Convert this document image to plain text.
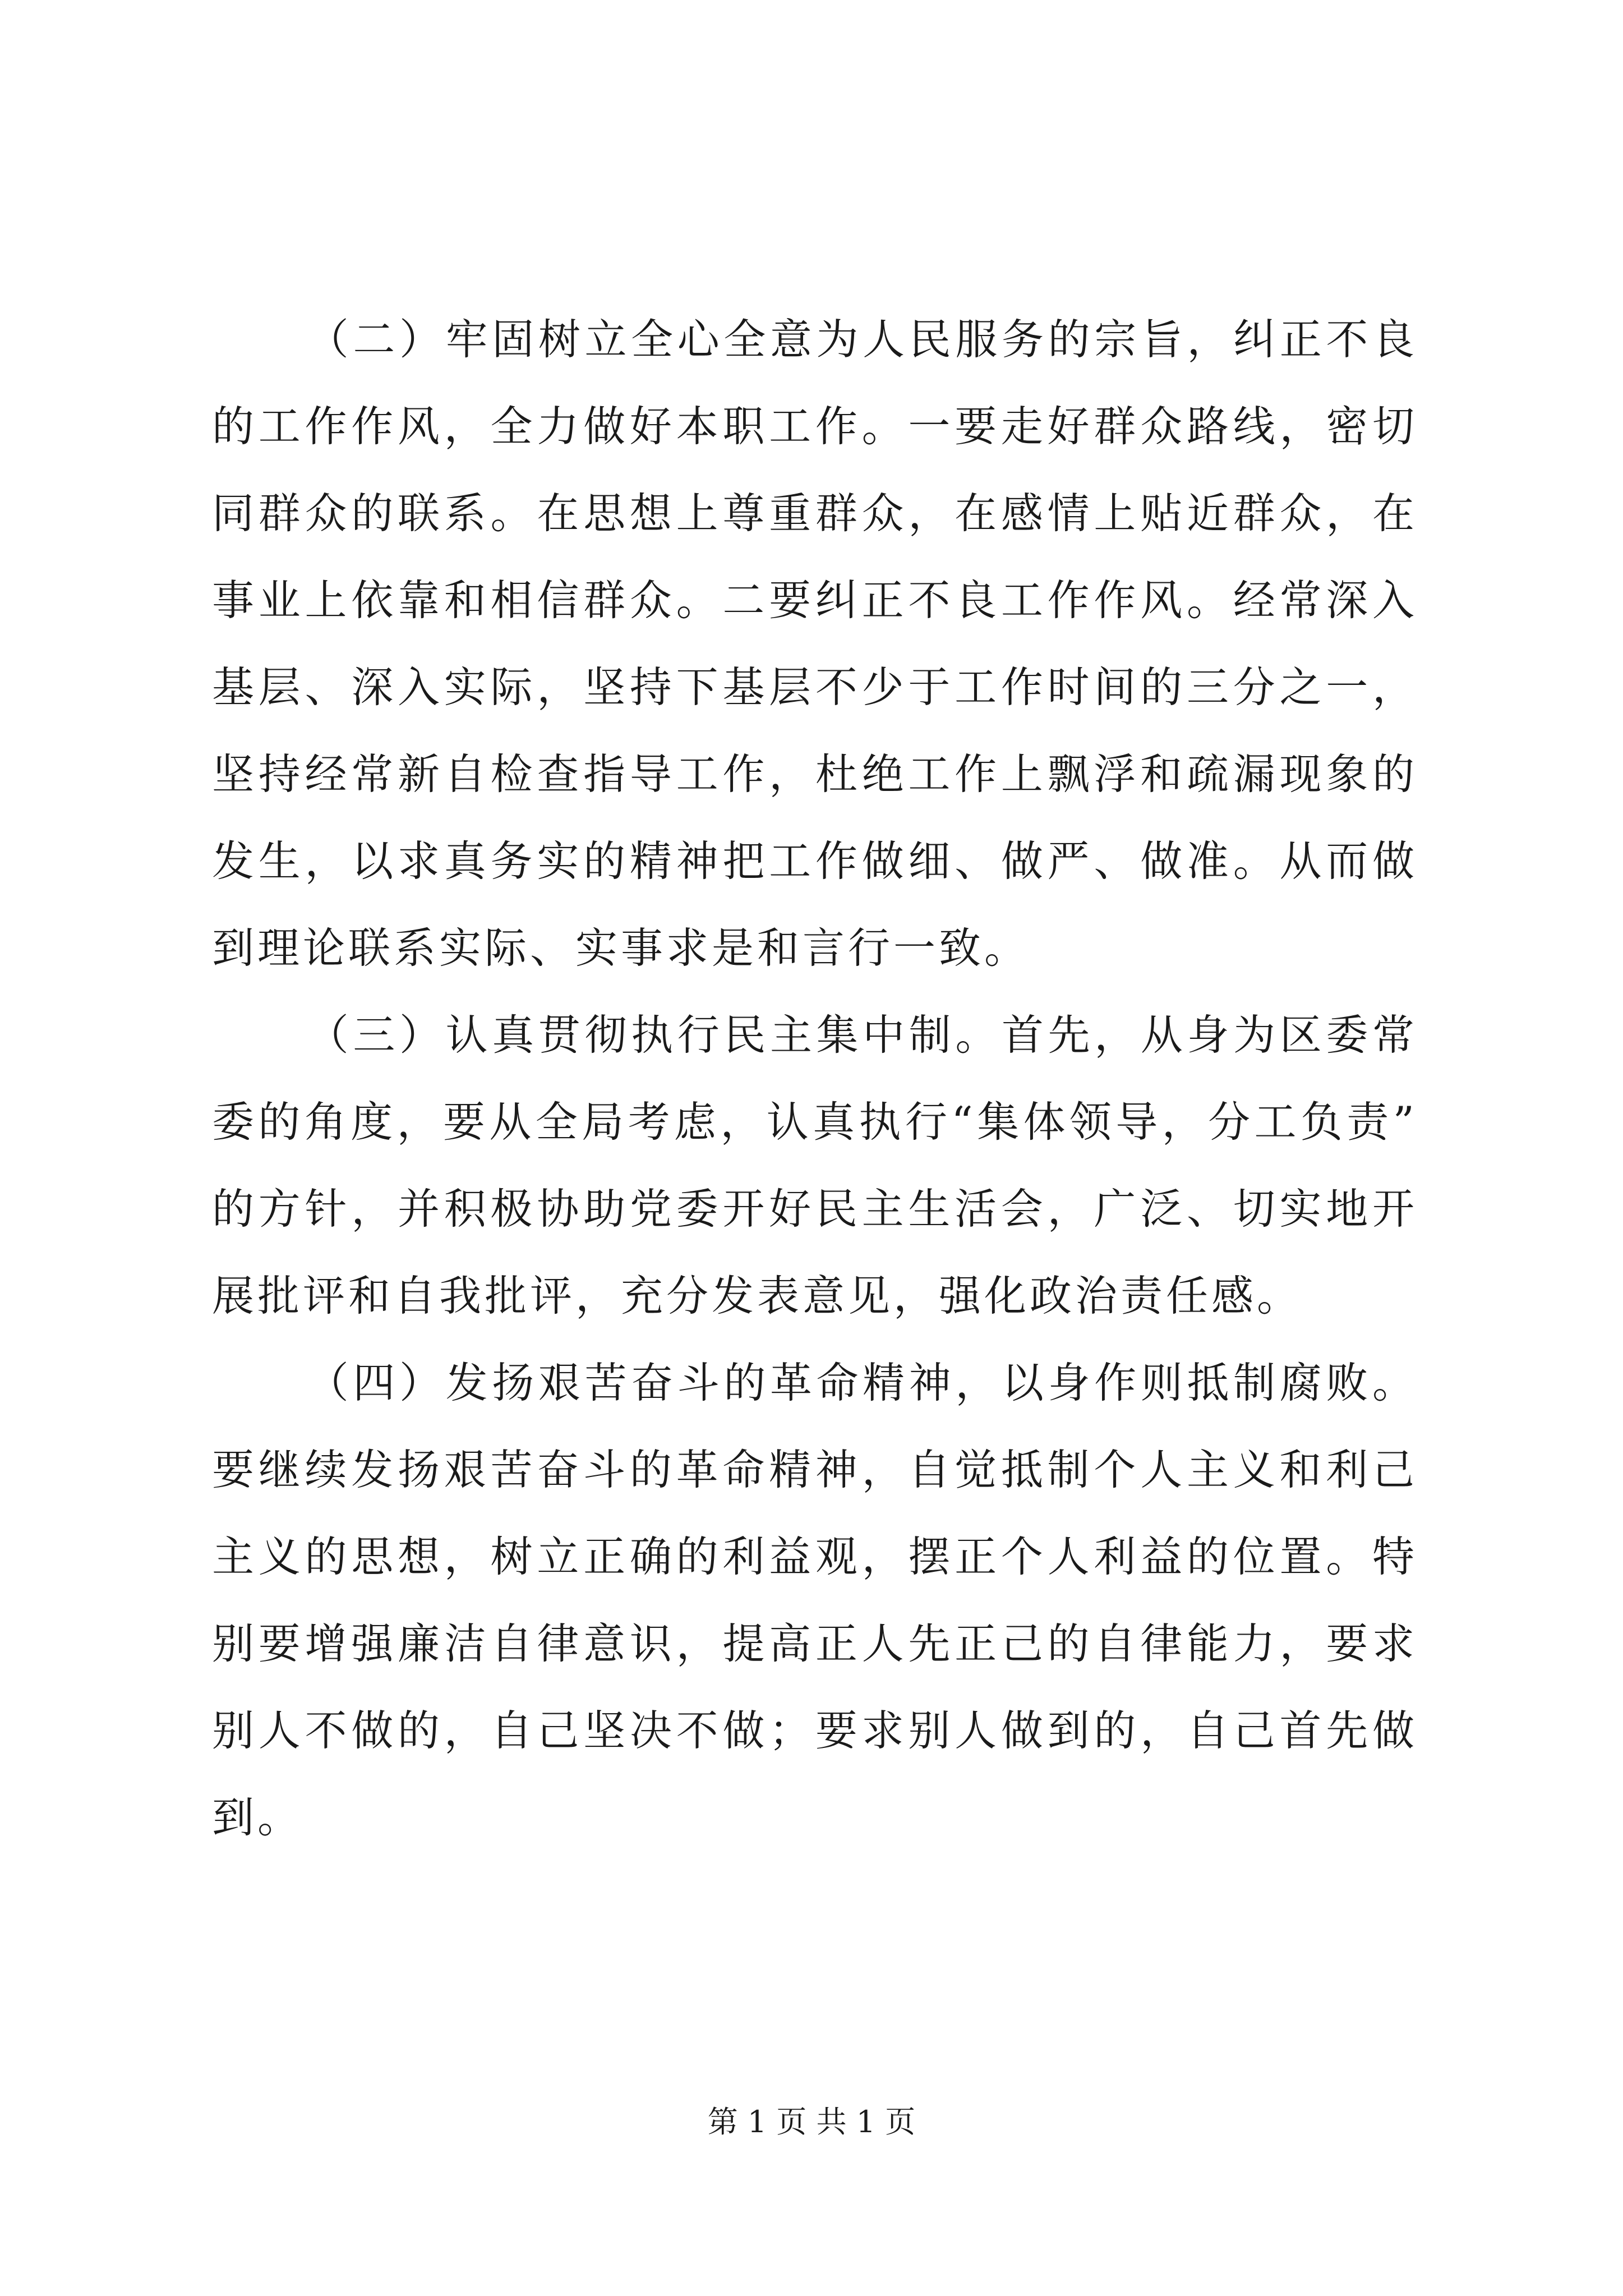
（二）牢固树立全心全意为人民服务的宗旨，纠正不良的工作作风，全力做好本职工作。一要走好群众路线，密切同群众的联系。在思想上尊重群众，在感情上贴近群众，在事业上依靠和相信群众。二要纠正不良工作作风。经常深入基层、深入实际，坚持下基层不少于工作时间的三分之一，坚持经常新自检查指导工作，杜绝工作上飘浮和疏漏现象的发生，以求真务实的精神把工作做细、做严、做准。从而做到理论联系实际、实事求是和言行一致。

（三）认真贯彻执行民主集中制。首先，从身为区委常委的角度，要从全局考虑，认真执行“集体领导，分工负责”的方针，并积极协助党委开好民主生活会，广泛、切实地开展批评和自我批评，充分发表意见，强化政治责任感。

（四）发扬艰苦奋斗的革命精神，以身作则抵制腐败。要继续发扬艰苦奋斗的革命精神，自觉抵制个人主义和利己主义的思想，树立正确的利益观，摆正个人利益的位置。特别要增强廉洁自律意识，提高正人先正己的自律能力，要求别人不做的，自己坚决不做；要求别人做到的，自己首先做到。

第 1 页 共 1 页
